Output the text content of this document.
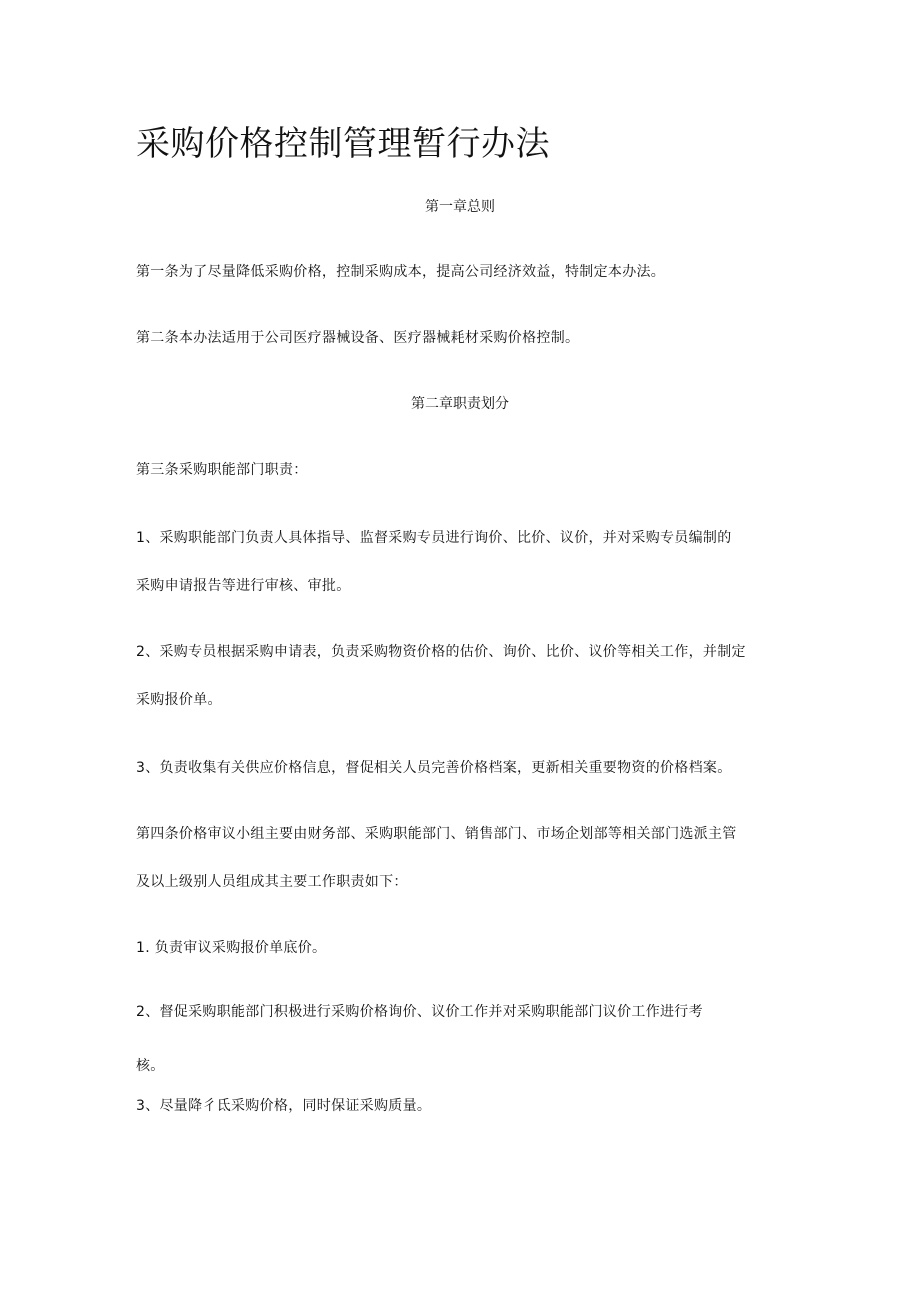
采购价格控制管理暂行办法
第一章总则
第一条为了尽量降低采购价格，控制采购成本，提高公司经济效益，特制定本办法。
第二条本办法适用于公司医疗器械设备、医疗器械耗材采购价格控制。
第二章职责划分
第三条采购职能部门职责：
1、采购职能部门负责人具体指导、监督采购专员进行询价、比价、议价，并对采购专员编制的
采购申请报告等进行审核、审批。
2、采购专员根据采购申请表，负责采购物资价格的估价、询价、比价、议价等相关工作，并制定
采购报价单。
3、负责收集有关供应价格信息，督促相关人员完善价格档案，更新相关重要物资的价格档案。
第四条价格审议小组主要由财务部、采购职能部门、销售部门、市场企划部等相关部门选派主管
及以上级别人员组成其主要工作职责如下：
1. 负责审议采购报价单底价。
2、督促采购职能部门积极进行采购价格询价、议价工作并对采购职能部门议价工作进行考
核。
3、尽量降彳氐采购价格，同时保证采购质量。
